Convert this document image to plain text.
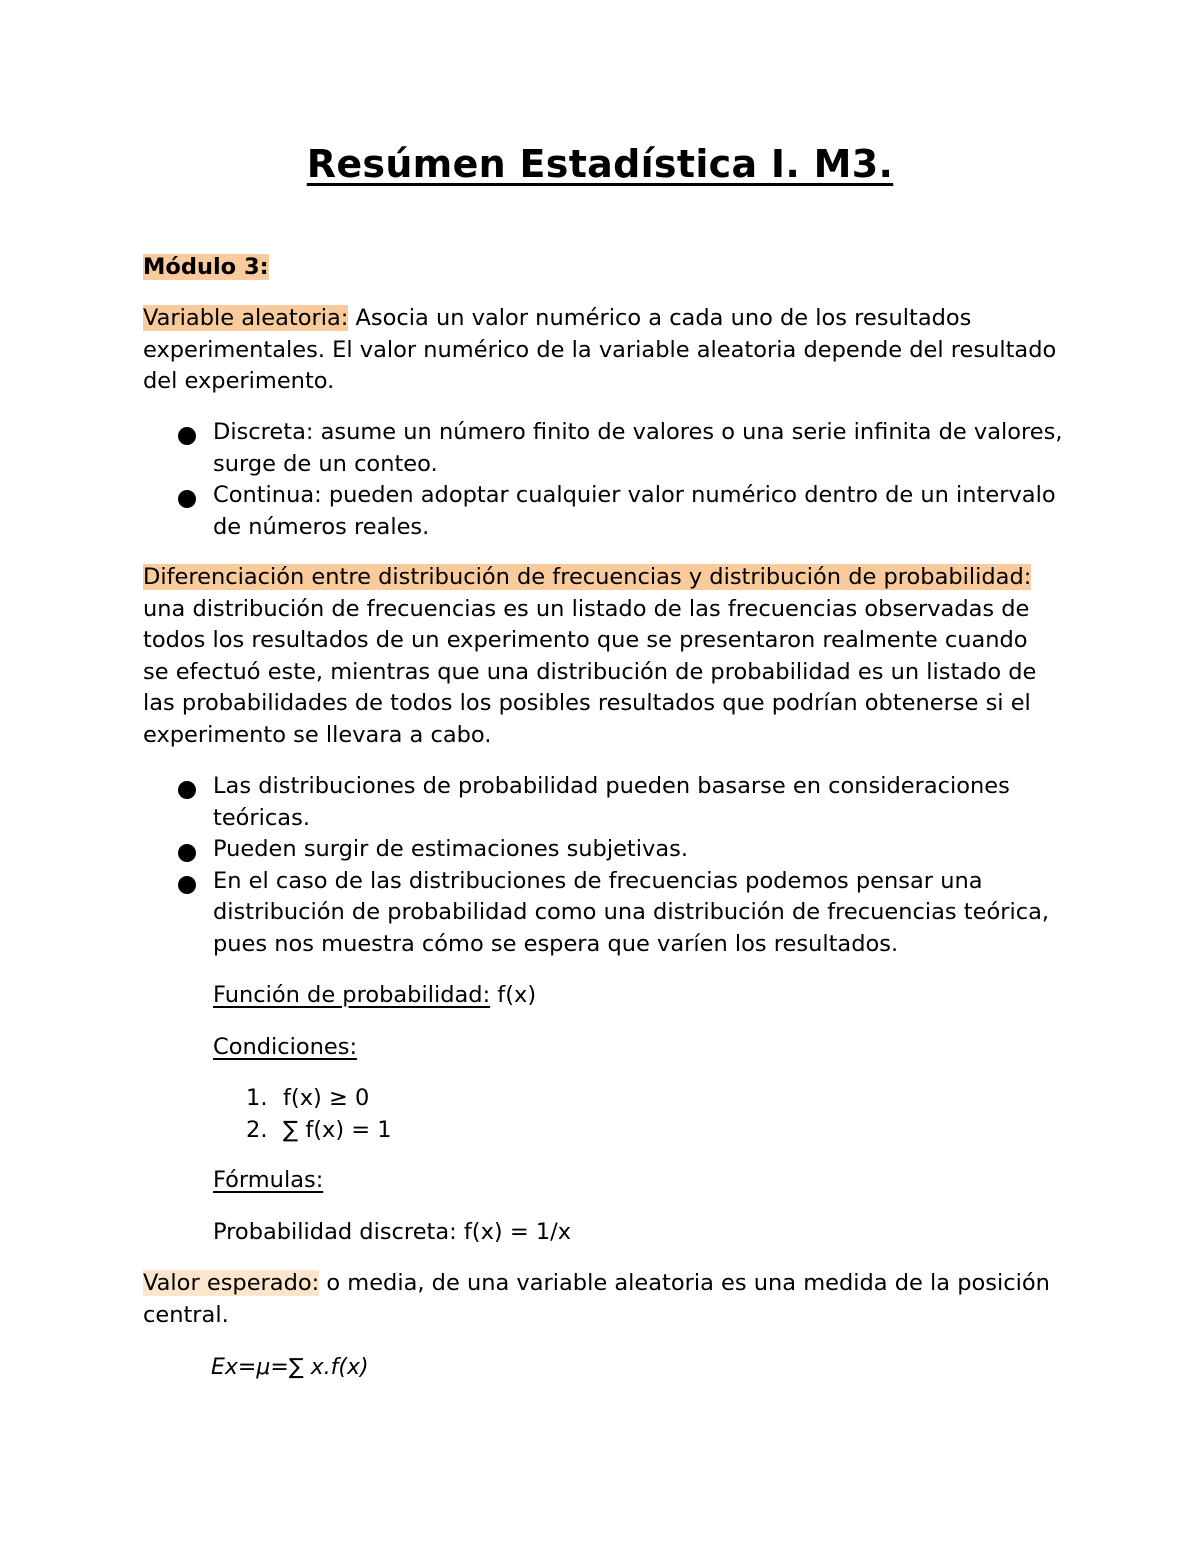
Resúmen Estadística I. M3.
Módulo 3:
Variable aleatoria: Asocia un valor numérico a cada uno de los resultados experimentales. El valor numérico de la variable aleatoria depende del resultado del experimento.
Discreta: asume un número finito de valores o una serie infinita de valores, surge de un conteo.
Continua: pueden adoptar cualquier valor numérico dentro de un intervalo de números reales.
Diferenciación entre distribución de frecuencias y distribución de probabilidad: una distribución de frecuencias es un listado de las frecuencias observadas de todos los resultados de un experimento que se presentaron realmente cuando se efectuó este, mientras que una distribución de probabilidad es un listado de las probabilidades de todos los posibles resultados que podrían obtenerse si el experimento se llevara a cabo.
Las distribuciones de probabilidad pueden basarse en consideraciones teóricas.
Pueden surgir de estimaciones subjetivas.
En el caso de las distribuciones de frecuencias podemos pensar una distribución de probabilidad como una distribución de frecuencias teórica, pues nos muestra cómo se espera que varíen los resultados.
Función de probabilidad: f(x)
Condiciones:
1. f(x) ≥ 0
2. ∑ f(x) = 1
Fórmulas:
Probabilidad discreta: f(x) = 1/x
Valor esperado: o media, de una variable aleatoria es una medida de la posición central.
Ex=μ=∑ x.f(x)
